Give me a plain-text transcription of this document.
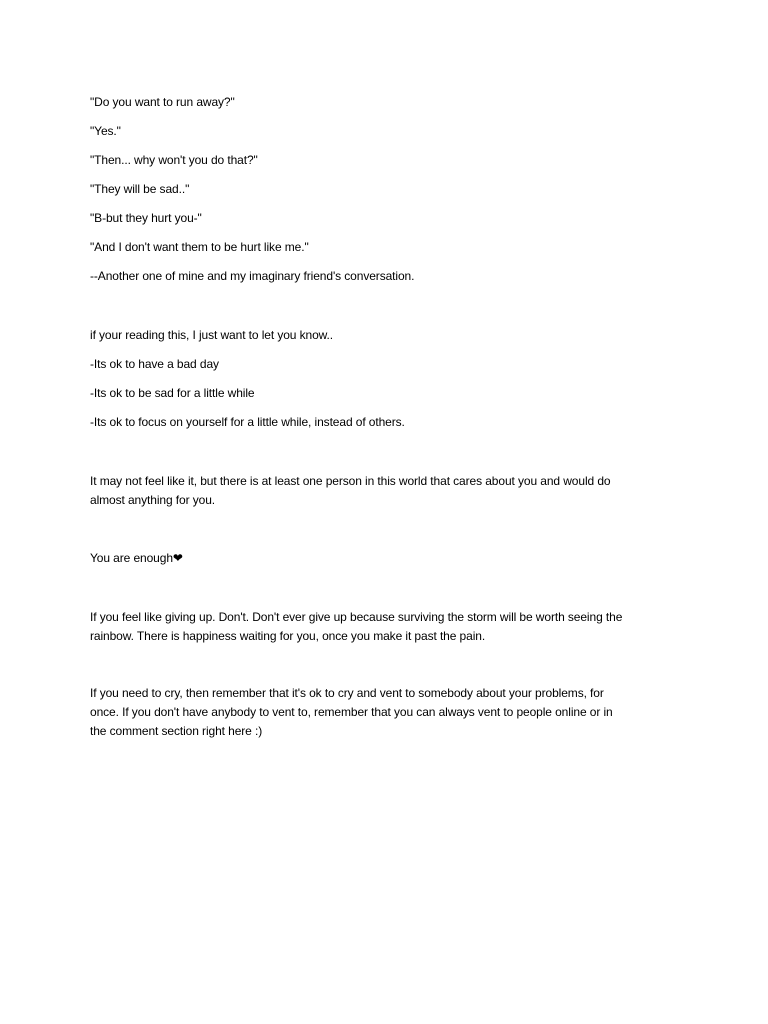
"Do you want to run away?"
"Yes."
"Then... why won't you do that?"
"They will be sad.."
"B-but they hurt you-"
"And I don't want them to be hurt like me."
--Another one of mine and my imaginary friend's conversation.
if your reading this, I just want to let you know..
-Its ok to have a bad day
-Its ok to be sad for a little while
-Its ok to focus on yourself for a little while, instead of others.
It may not feel like it, but there is at least one person in this world that cares about you and would do
almost anything for you.
You are enough❤
If you feel like giving up. Don't. Don't ever give up because surviving the storm will be worth seeing the
rainbow. There is happiness waiting for you, once you make it past the pain.
If you need to cry, then remember that it's ok to cry and vent to somebody about your problems, for
once. If you don't have anybody to vent to, remember that you can always vent to people online or in
the comment section right here :)
